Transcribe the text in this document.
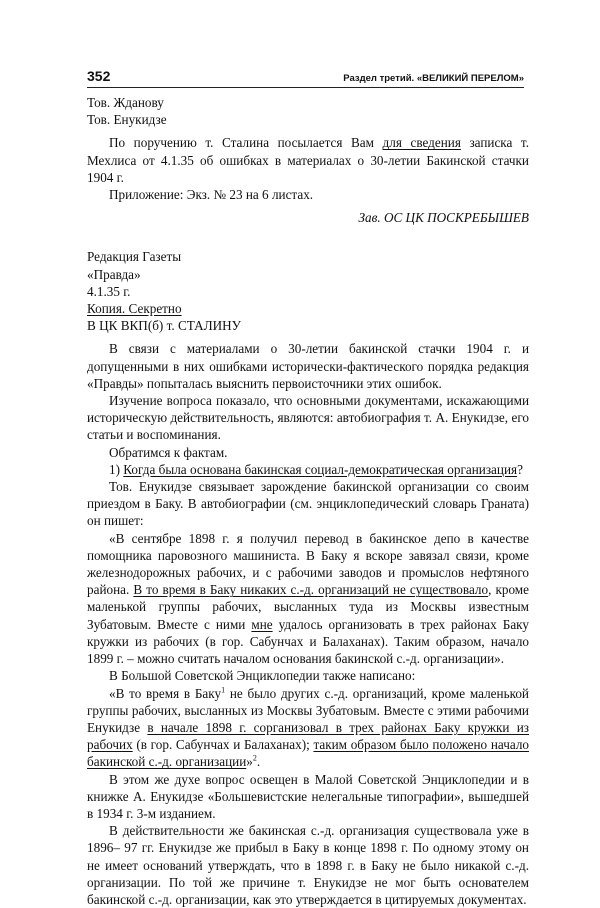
352	Раздел третий. «ВЕЛИКИЙ ПЕРЕЛОМ»

Тов. Жданову

Тов. Енукидзе

По поручению т. Сталина посылается Вам для сведения записка т. Мехлиса от 4.1.35 об ошибках в материалах о 30-летии Бакинской стачки 1904 г.

Приложение: Экз. № 23 на 6 листах.

Зав. ОС ЦК ПОСКРЕБЫШЕВ

Редакция Газеты

«Правда»

4.1.35 г.

Копия. Секретно

В ЦК ВКП(б) т. СТАЛИНУ

В связи с материалами о 30-летии бакинской стачки 1904 г. и допущенными в них ошибками исторически-фактического порядка редакция «Правды» попыталась выяснить первоисточники этих ошибок.

Изучение вопроса показало, что основными документами, искажающими историческую действительность, являются: автобиография т. А. Енукидзе, его статьи и воспоминания.

Обратимся к фактам.

1) Когда была основана бакинская социал-демократическая организация?

Тов. Енукидзе связывает зарождение бакинской организации со своим приездом в Баку. В автобиографии (см. энциклопедический словарь Граната) он пишет:

«В сентябре 1898 г. я получил перевод в бакинское депо в качестве помощника паровозного машиниста. В Баку я вскоре завязал связи, кроме железнодорожных рабочих, и с рабочими заводов и промыслов нефтяного района. В то время в Баку никаких с.-д. организаций не существовало, кроме маленькой группы рабочих, высланных туда из Москвы известным Зубатовым. Вместе с ними мне удалось организовать в трех районах Баку кружки из рабочих (в гор. Сабунчах и Балаханах). Таким образом, начало 1899 г. – можно считать началом основания бакинской с.-д. организации».

В Большой Советской Энциклопедии также написано:

«В то время в Баку$^1$ не было других с.-д. организаций, кроме маленькой группы рабочих, высланных из Москвы Зубатовым. Вместе с этими рабочими Енукидзе в начале 1898 г. сорганизовал в трех районах Баку кружки из рабочих (в гор. Сабунчах и Балаханах); таким образом было положено начало бакинской с.-д. организации»$^2$.

В этом же духе вопрос освещен в Малой Советской Энциклопедии и в книжке А. Енукидзе «Большевистские нелегальные типографии», вышедшей в 1934 г. 3-м изданием.

В действительности же бакинская с.-д. организация существовала уже в 1896– 97 гг. Енукидзе же прибыл в Баку в конце 1898 г. По одному этому он не имеет оснований утверждать, что в 1898 г. в Баку не было никакой с.-д. организации. По той же причине т. Енукидзе не мог быть основателем бакинской с.-д. организации, как это утверждается в цитируемых документах.
